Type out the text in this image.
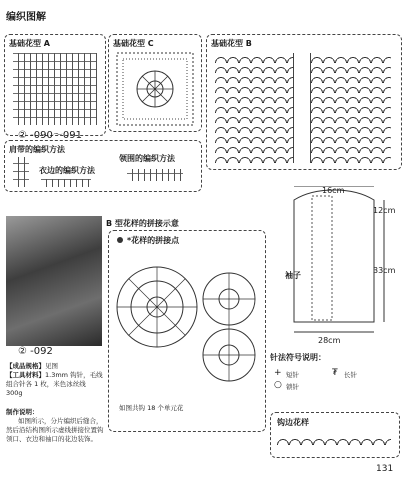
编织图解
基础花型 A
② -090～091
基础花型 C	基础花型 B
肩带的编织方法
领围的编织方法
衣边的编织方法
② -092
【成品规格】见图
【工具材料】1.3mm 钩针，毛线组合针各 1 枚，米色冰丝线 300g
制作说明：
如图所示，分片编织后缝合，然后沿结构图所示虚线拼接位置钩领口、衣边和袖口的花边装饰。
B 型花样的拼接示意
*花样的拼接点
如图共钩 18 个单元花
16cm
12cm
33cm
28cm
袖子
针法符号说明：
+ 短针	₮ 长针
○ 锁针
钩边花样
131
